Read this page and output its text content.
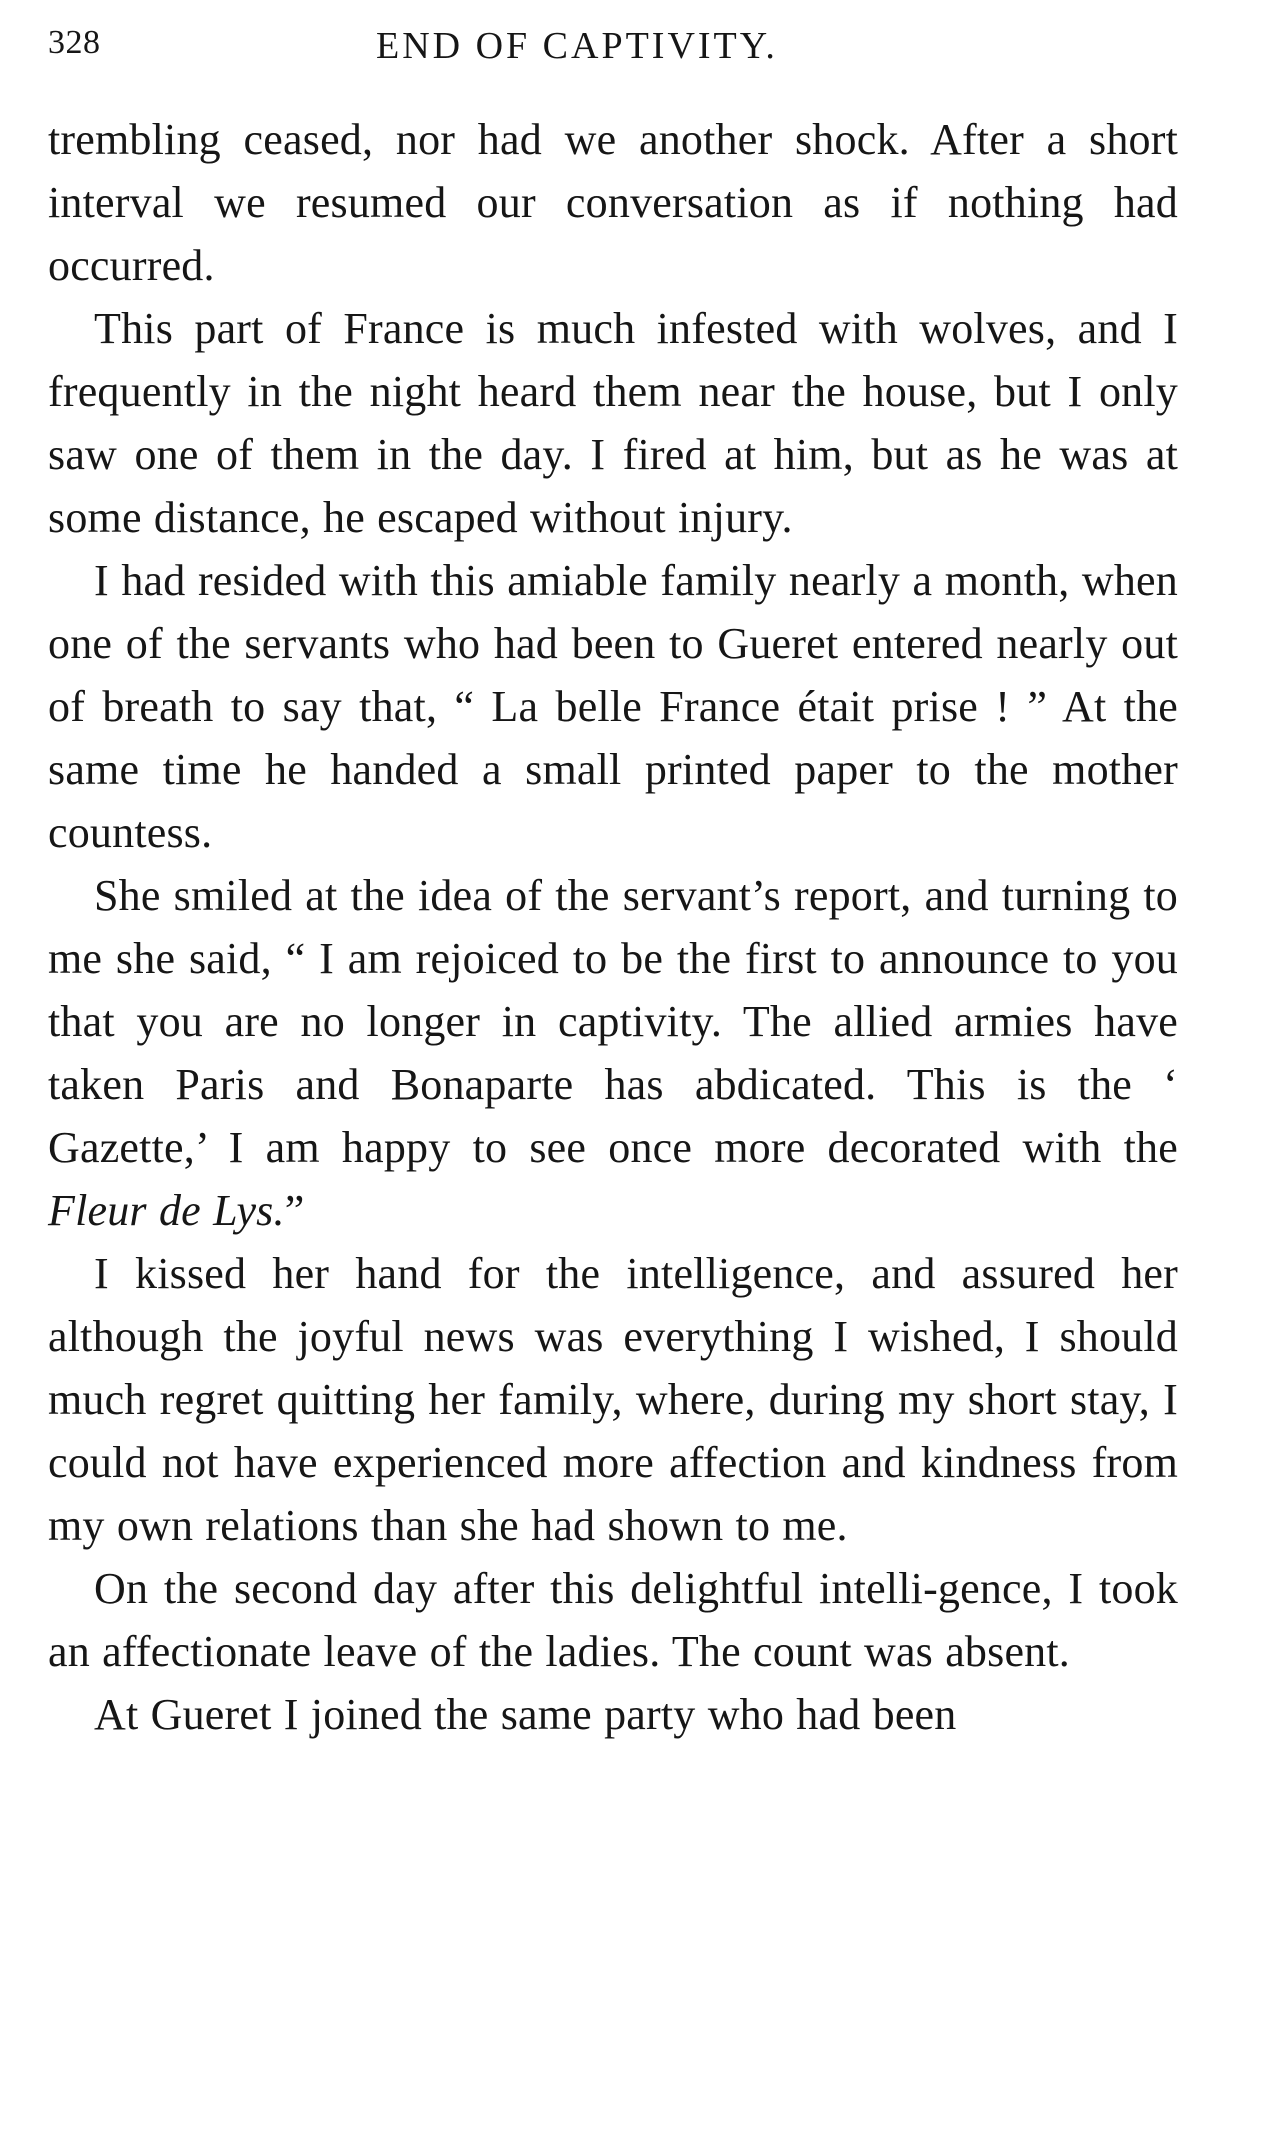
328	END OF CAPTIVITY.

trembling ceased, nor had we another shock. After a short interval we resumed our conversation as if nothing had occurred.

This part of France is much infested with wolves, and I frequently in the night heard them near the house, but I only saw one of them in the day. I fired at him, but as he was at some distance, he escaped without injury.

I had resided with this amiable family nearly a month, when one of the servants who had been to Gueret entered nearly out of breath to say that, “ La belle France était prise ! ” At the same time he handed a small printed paper to the mother countess.

She smiled at the idea of the servant’s report, and turning to me she said, “ I am rejoiced to be the first to announce to you that you are no longer in captivity. The allied armies have taken Paris and Bonaparte has abdicated. This is the ‘ Gazette,’ I am happy to see once more decorated with the Fleur de Lys.”

I kissed her hand for the intelligence, and assured her although the joyful news was everything I wished, I should much regret quitting her family, where, during my short stay, I could not have experienced more affection and kindness from my own relations than she had shown to me.

On the second day after this delightful intelli-gence, I took an affectionate leave of the ladies. The count was absent.

At Gueret I joined the same party who had been
